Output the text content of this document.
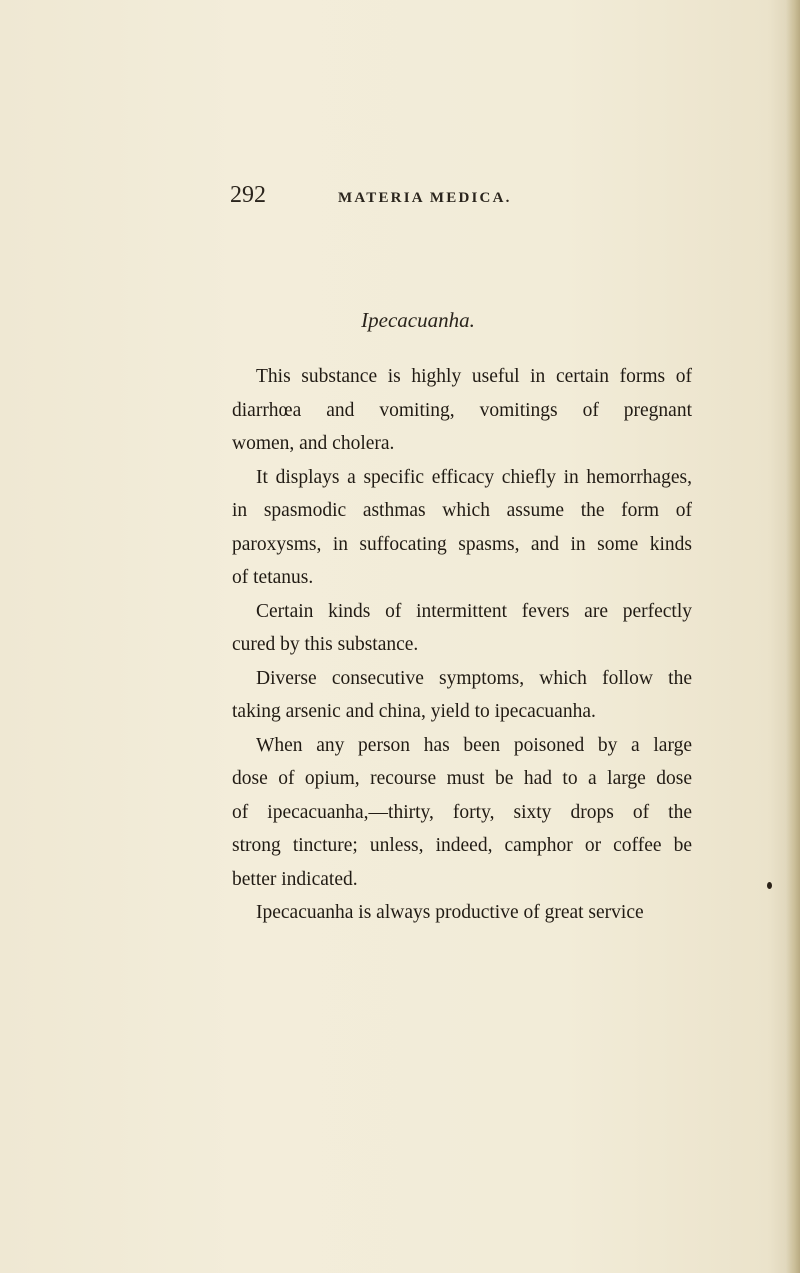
292	MATERIA MEDICA.
Ipecacuanha.

This substance is highly useful in certain forms of
diarrhœa and vomiting, vomitings of pregnant
women, and cholera.

It displays a specific efficacy chiefly in hemorrhages,
in spasmodic asthmas which assume the form of
paroxysms, in suffocating spasms, and in some kinds
of tetanus.

Certain kinds of intermittent fevers are perfectly
cured by this substance.

Diverse consecutive symptoms, which follow the
taking arsenic and china, yield to ipecacuanha.

When any person has been poisoned by a large
dose of opium, recourse must be had to a large dose
of ipecacuanha,—thirty, forty, sixty drops of the
strong tincture; unless, indeed, camphor or coffee be
better indicated.

Ipecacuanha is always productive of great service
